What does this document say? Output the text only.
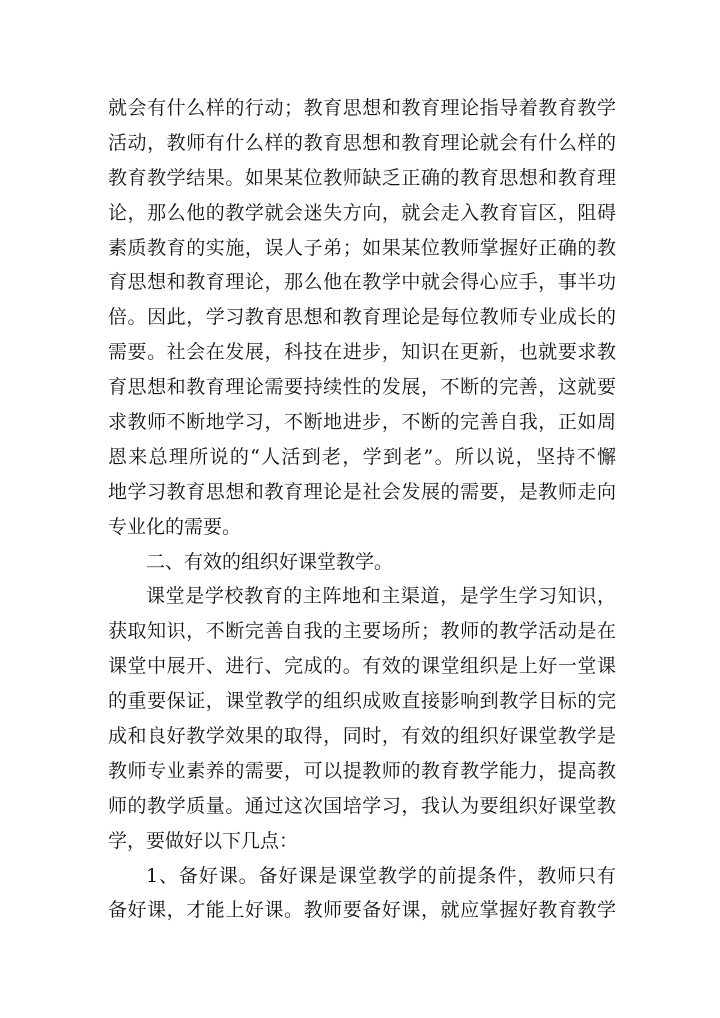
就会有什么样的行动；教育思想和教育理论指导着教育教学
活动，教师有什么样的教育思想和教育理论就会有什么样的
教育教学结果。如果某位教师缺乏正确的教育思想和教育理
论，那么他的教学就会迷失方向，就会走入教育盲区，阻碍
素质教育的实施，误人子弟；如果某位教师掌握好正确的教
育思想和教育理论，那么他在教学中就会得心应手，事半功
倍。因此，学习教育思想和教育理论是每位教师专业成长的
需要。社会在发展，科技在进步，知识在更新，也就要求教
育思想和教育理论需要持续性的发展，不断的完善，这就要
求教师不断地学习，不断地进步，不断的完善自我，正如周
恩来总理所说的“人活到老，学到老”。所以说，坚持不懈
地学习教育思想和教育理论是社会发展的需要，是教师走向
专业化的需要。
二、有效的组织好课堂教学。
课堂是学校教育的主阵地和主渠道，是学生学习知识，
获取知识，不断完善自我的主要场所；教师的教学活动是在
课堂中展开、进行、完成的。有效的课堂组织是上好一堂课
的重要保证，课堂教学的组织成败直接影响到教学目标的完
成和良好教学效果的取得，同时，有效的组织好课堂教学是
教师专业素养的需要，可以提教师的教育教学能力，提高教
师的教学质量。通过这次国培学习，我认为要组织好课堂教
学，要做好以下几点：
1、备好课。备好课是课堂教学的前提条件，教师只有
备好课，才能上好课。教师要备好课，就应掌握好教育教学
